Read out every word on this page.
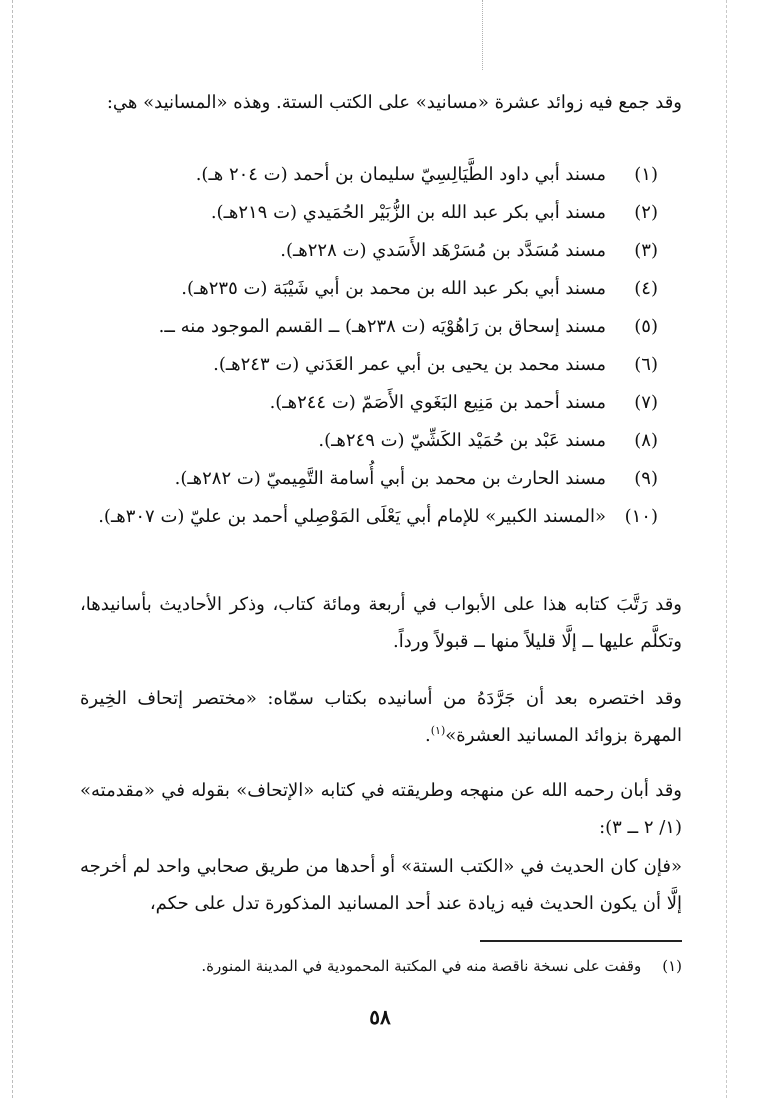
وقد جمع فيه زوائد عشرة «مسانيد» على الكتب الستة. وهذه «المسانيد» هي:

(١)
مسند أبي داود الطَّيَالِسِيّ سليمان بن أحمد (ت ٢٠٤ هـ).
(٢)
مسند أبي بكر عبد الله بن الزُّبَيْر الحُمَيدي (ت ٢١٩هـ).
(٣)
مسند مُسَدَّد بن مُسَرْهَد الأَسَدي (ت ٢٢٨هـ).
(٤)
مسند أبي بكر عبد الله بن محمد بن أبي شَيْبَة (ت ٢٣٥هـ).
(٥)
مسند إسحاق بن رَاهُوْيَه (ت ٢٣٨هـ) ــ القسم الموجود منه ــ.
(٦)
مسند محمد بن يحيى بن أبي عمر العَدَني (ت ٢٤٣هـ).
(٧)
مسند أحمد بن مَنِيع البَغَوي الأَصَمّ (ت ٢٤٤هـ).
(٨)
مسند عَبْد بن حُمَيْد الكَشِّيّ (ت ٢٤٩هـ).
(٩)
مسند الحارث بن محمد بن أبي أُسامة التَّمِيميّ (ت ٢٨٢هـ).
(١٠)
«المسند الكبير» للإمام أبي يَعْلَى المَوْصِلي أحمد بن عليّ (ت ٣٠٧هـ).

وقد رَتَّبَ كتابه هذا على الأبواب في أربعة ومائة كتاب، وذكر الأحاديث بأسانيدها، وتكلَّم عليها ــ إلَّا قليلاً منها ــ قبولاً ورداً.

وقد اختصره بعد أن جَرَّدَهُ من أسانيده بكتاب سمّاه: «مختصر إتحاف الخِيرة المهرة بزوائد المسانيد العشرة»$^{(١)}$.

وقد أبان رحمه الله عن منهجه وطريقته في كتابه «الإتحاف» بقوله في «مقدمته» (١/ ٢ ــ ٣):

«فإن كان الحديث في «الكتب الستة» أو أحدها من طريق صحابي واحد لم أخرجه إلَّا أن يكون الحديث فيه زيادة عند أحد المسانيد المذكورة تدل على حكم،

(١) وقفت على نسخة ناقصة منه في المكتبة المحمودية في المدينة المنورة.
٥٨
